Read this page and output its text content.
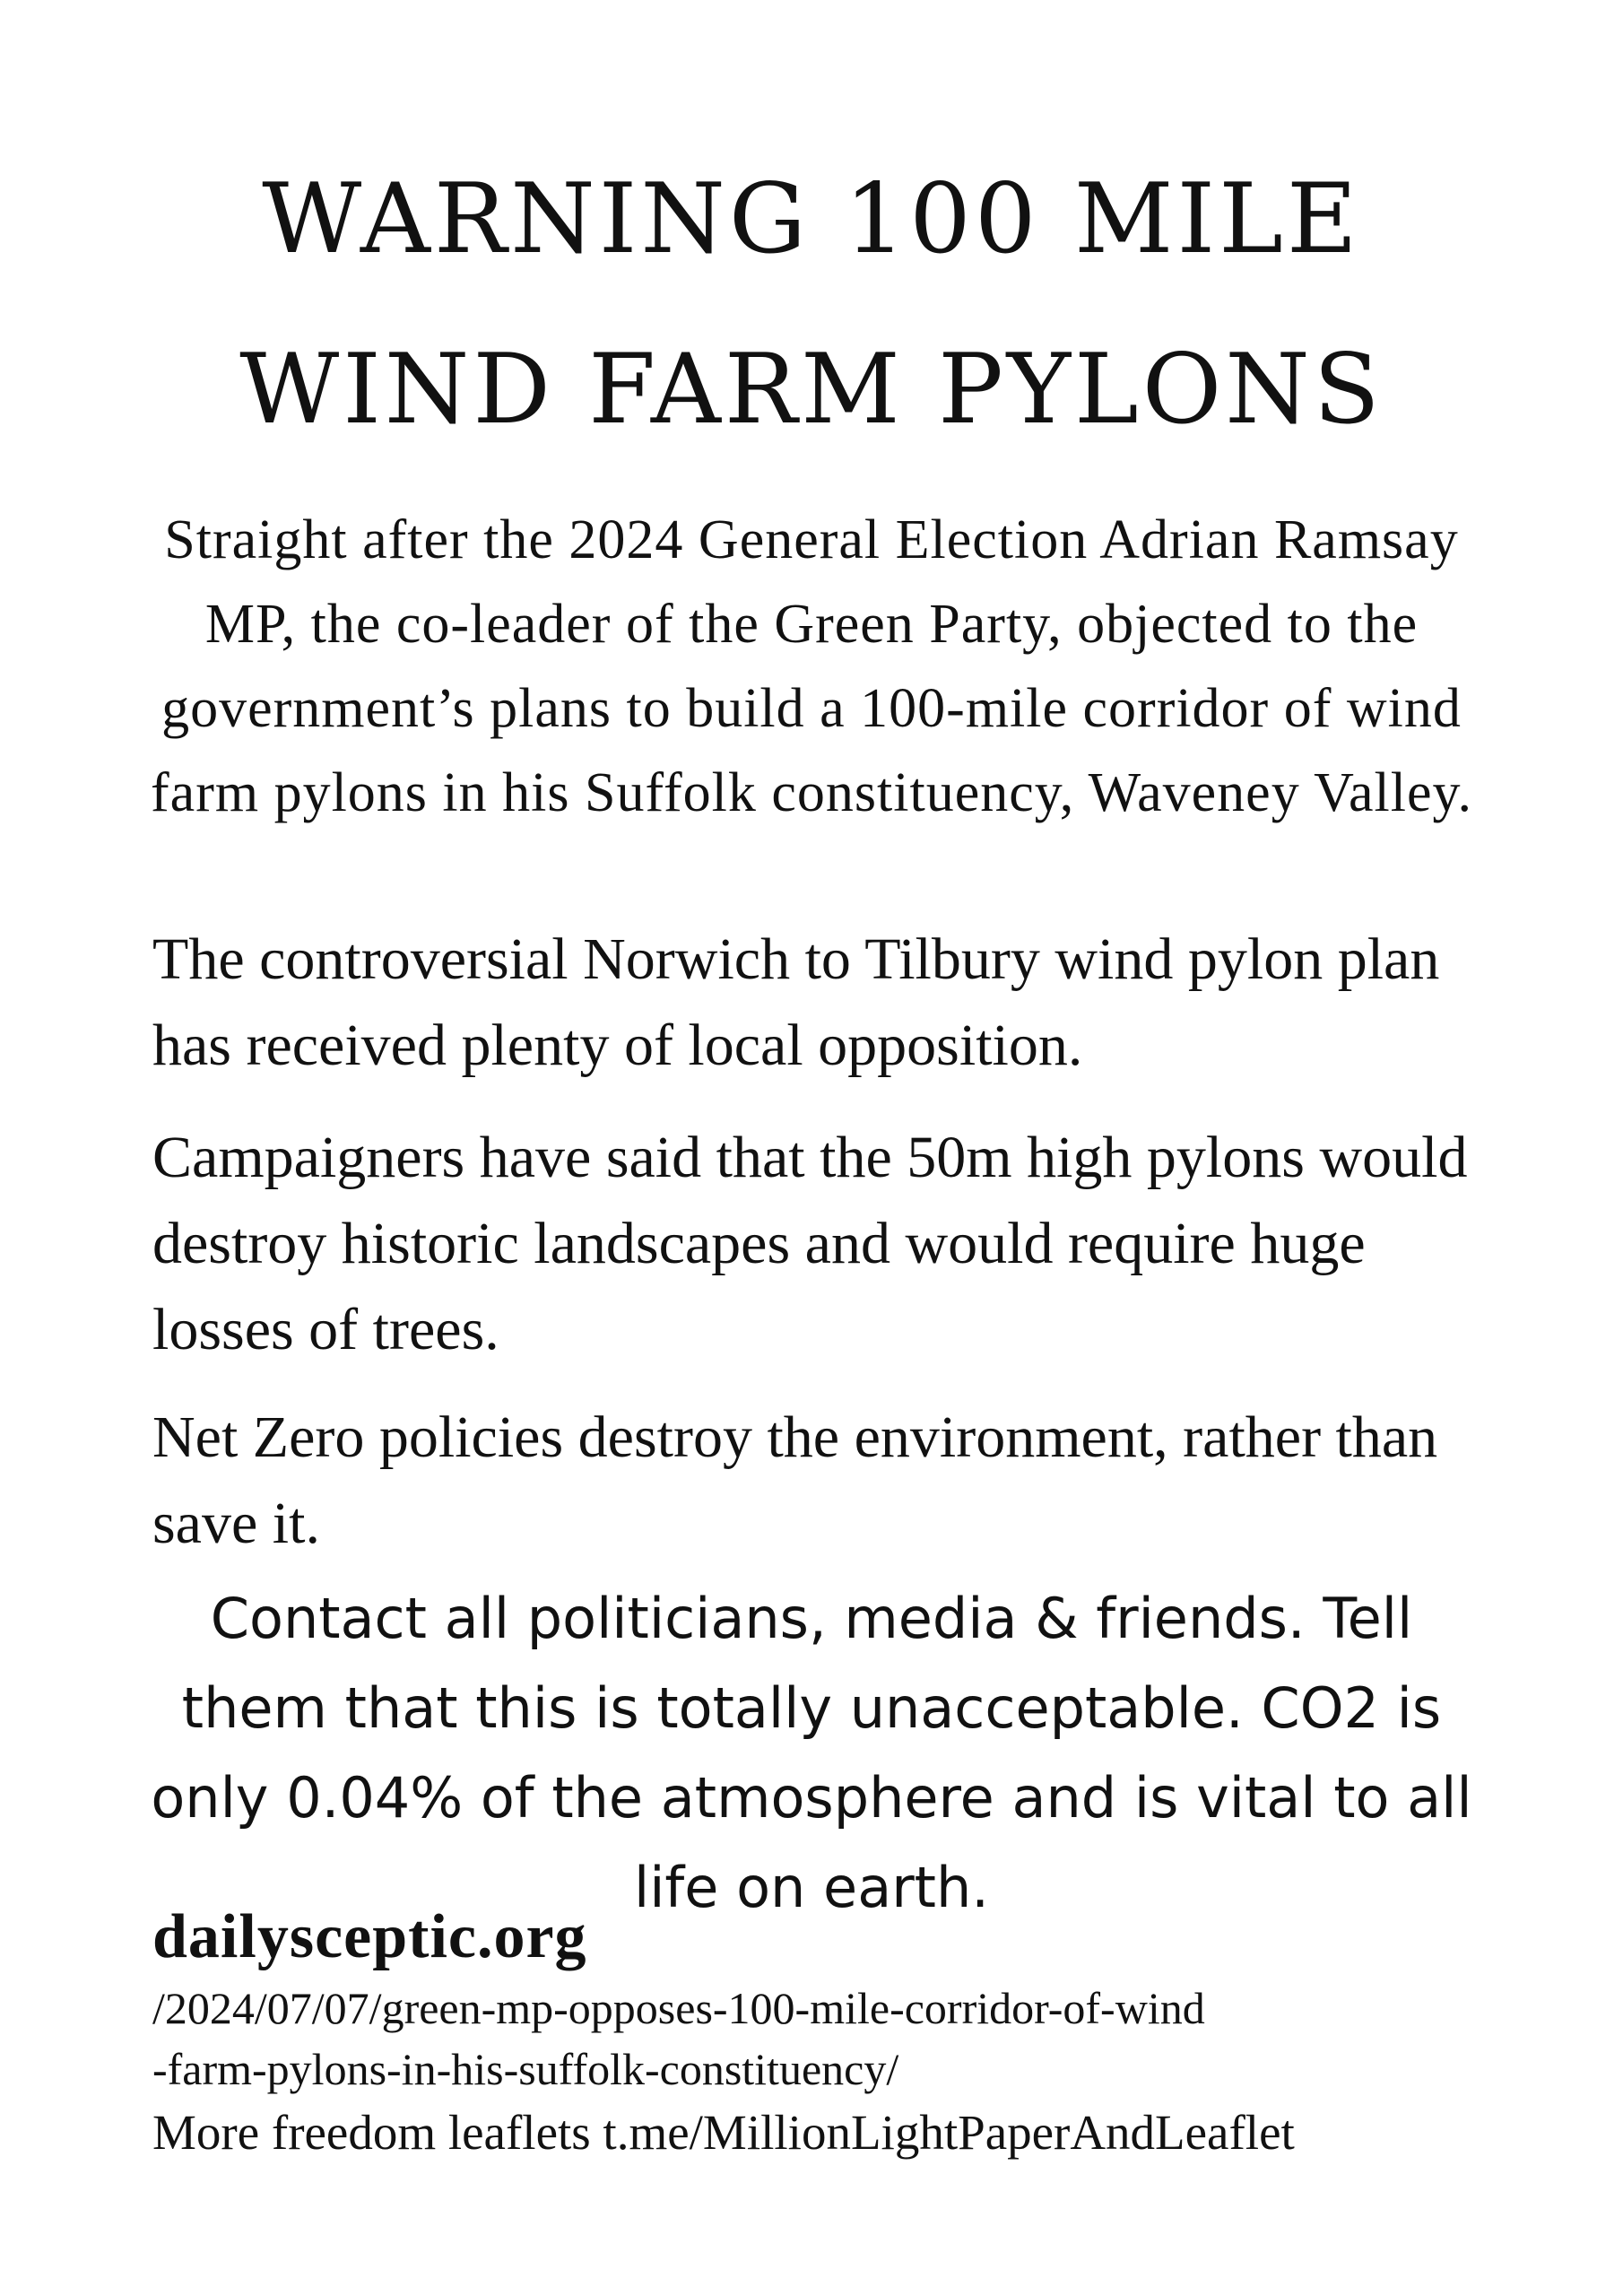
WARNING 100 MILE
WIND FARM PYLONS

Straight after the 2024 General Election Adrian Ramsay MP, the co-leader of the Green Party, objected to the government’s plans to build a 100-mile corridor of wind farm pylons in his Suffolk constituency, Waveney Valley.

The controversial Norwich to Tilbury wind pylon plan has received plenty of local opposition.

Campaigners have said that the 50m high pylons would destroy historic landscapes and would require huge losses of trees.

Net Zero policies destroy the environment, rather than save it.

Contact all politicians, media & friends. Tell them that this is totally unacceptable. CO2 is only 0.04% of the atmosphere and is vital to all life on earth.

dailysceptic.org
/2024/07/07/green-mp-opposes-100-mile-corridor-of-wind
-farm-pylons-in-his-suffolk-constituency/
More freedom leaflets t.me/MillionLightPaperAndLeaflet
